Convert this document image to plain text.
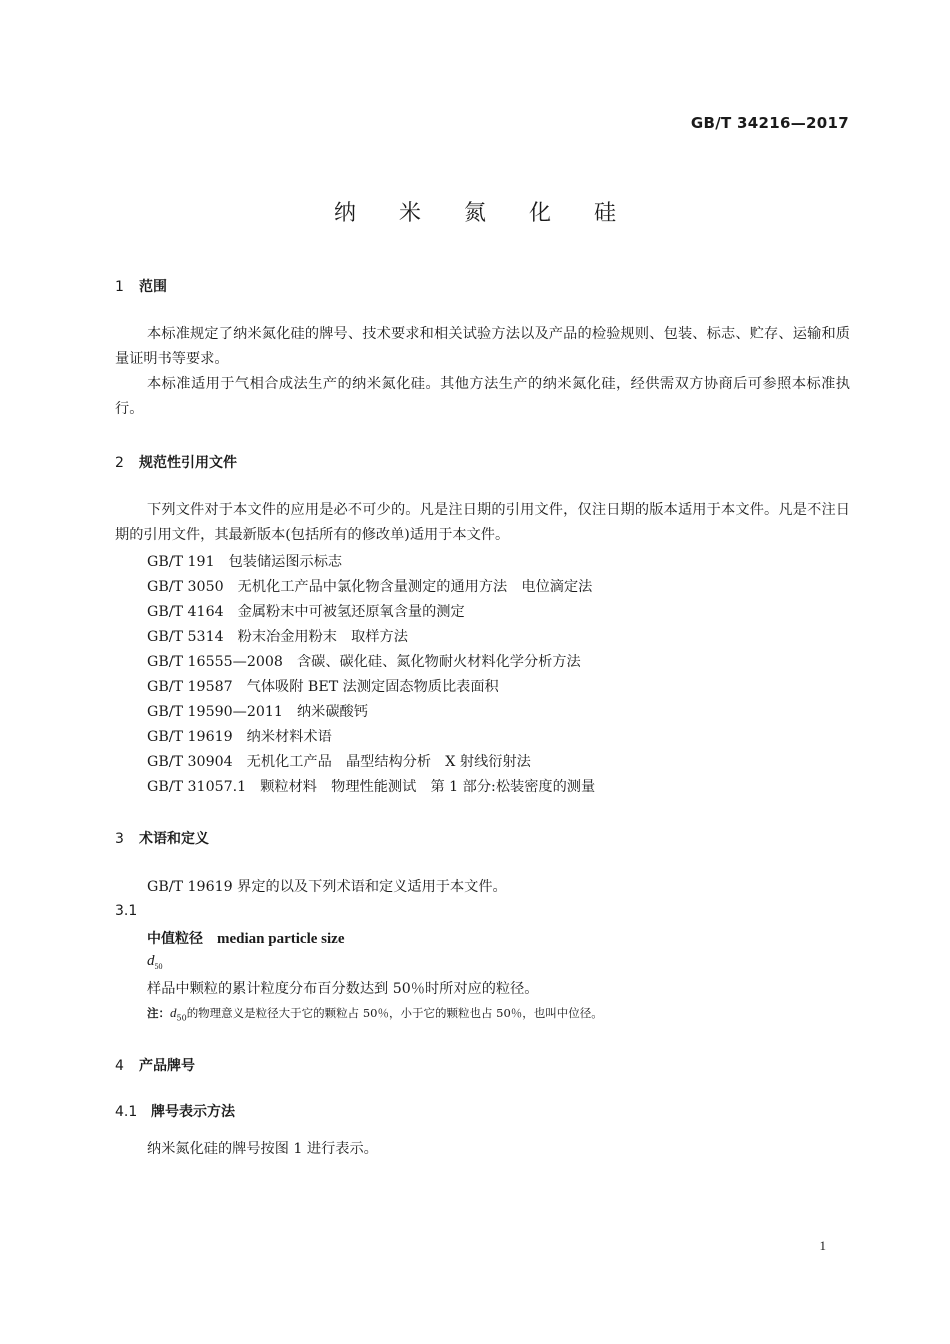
GB/T 34216—2017
纳 米 氮 化 硅
1 范围
本标准规定了纳米氮化硅的牌号、技术要求和相关试验方法以及产品的检验规则、包装、标志、贮存、运输和质量证明书等要求。
本标准适用于气相合成法生产的纳米氮化硅。其他方法生产的纳米氮化硅，经供需双方协商后可参照本标准执行。
2 规范性引用文件
下列文件对于本文件的应用是必不可少的。凡是注日期的引用文件，仅注日期的版本适用于本文件。凡是不注日期的引用文件，其最新版本(包括所有的修改单)适用于本文件。
GB/T 191 包装储运图示标志
GB/T 3050 无机化工产品中氯化物含量测定的通用方法　电位滴定法
GB/T 4164 金属粉末中可被氢还原氧含量的测定
GB/T 5314 粉末冶金用粉末　取样方法
GB/T 16555—2008 含碳、碳化硅、氮化物耐火材料化学分析方法
GB/T 19587 气体吸附 BET 法测定固态物质比表面积
GB/T 19590—2011 纳米碳酸钙
GB/T 19619 纳米材料术语
GB/T 30904 无机化工产品　晶型结构分析　X 射线衍射法
GB/T 31057.1 颗粒材料　物理性能测试　第 1 部分:松装密度的测量
3 术语和定义
GB/T 19619 界定的以及下列术语和定义适用于本文件。
3.1
中值粒径 median particle size
$d_{50}$
样品中颗粒的累计粒度分布百分数达到 50％时所对应的粒径。
注：$d_{50}$的物理意义是粒径大于它的颗粒占 50％，小于它的颗粒也占 50％，也叫中位径。
4 产品牌号
4.1 牌号表示方法
纳米氮化硅的牌号按图 1 进行表示。
1
